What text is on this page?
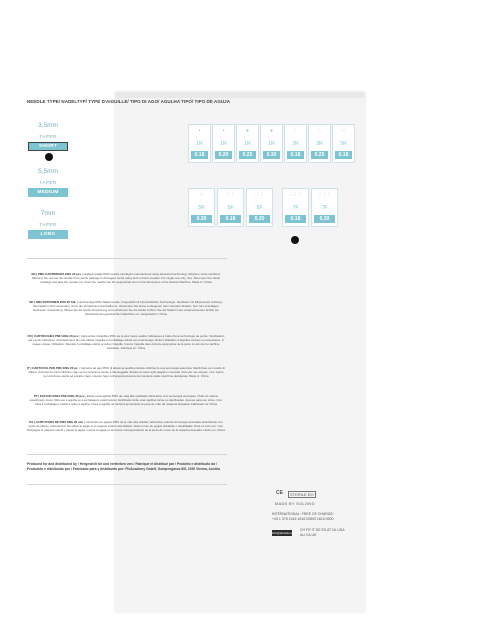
NEEDLE TYPE/ NADELTYP/ TYPE D'AIGUILLE/ TIPO DI AGO/ AGULHA TIPO/ TIPO DE AGUJA
3,5mm
TAPER
SHORT
5,5mm
TAPER
MEDIUM
7mm
TAPER
LONG
•
1R
0.18
•
1R
0.20
●
1R
0.25
●
1R
0.30
⁚
2R
0.18
∴
3R
0.25
⁙
5R
0.18
⁙
5R
0.30
⋮⋮
5F
0.18
⋮⋮
5F
0.30
⋮⋮⋮
7F
0.18
⋮⋮⋮
7F
0.30
EN | PMU CARTRIDGES ENG 20 pcs | Highest-quality PMU needle cartridges manufactured using advanced technology. Ethylene oxide sterilized. Warning: Do not use the needle if the sterile package is damaged. Avoid using bent or blunt needles. For single use only. Use: Peel open the sterile package and take the needle out. Insert the needle into the appropriate slot on the hand-piece of the desired Machine. Made in: China
DE | PMU-PATRONEN ENG 20 Stk. | Hochwertige PMU-Nadelmodule, hergestellt mit fortschrittlicher Technologie. Sterilisiert mit Ethylenoxid. Achtung: Die Nadeln nicht verwenden, wenn die Verpackung beschädigt ist. Verwenden Sie keine verbogenen oder stumpfen Nadeln. Nur zum einmaligen Gebrauch. Anwendung: Öffnen Sie die sterile Verpackung und entnehmen Sie die Nadel. Führen Sie die Nadel in den entsprechenden Schlitz am Handstück der gewünschten Maschine ein. Hergestellt in: China
FR | CARTOUCHES PMU ENG 20 pcs | Cartouches d'aiguilles PMU de la plus haute qualité, fabriquées à l'aide d'une technologie de pointe. Stérilisation par oxyde d'éthylène. Avertissement: Ne pas utiliser l'aiguille si l'emballage stérile est endommagé. Éviter l'utilisation d'aiguilles tordues ou émoussées. À usage unique. Utilisation: Décoller l'emballage stérile et retirer l'aiguille. Insérer l'aiguille dans la fente appropriée de la pièce à main de la machine souhaitée. Fabriqué en: Chine
IT | CARTUCCE PER PMU ENG 20 pz. | Cartucce ad ago PMU di altissima qualità prodotte utilizzando una tecnologia avanzata. Sterilizzate con ossido di etilene. Avvertenza: Non utilizzare l'ago se la confezione sterile è danneggiata. Evitare di usare aghi piegati o smussati. Solo per uso singolo. Uso: Aprire la confezione sterile ed estrarre l'ago. Inserire l'ago nell'apposita fessura del manipolo della macchina desiderata. Made in: China
PT | ESTOJO PARA PMU ENG 20 pcs | Estojo para agulha PMU da mais alta qualidade fabricados com tecnologia avançada. Óxido de etileno esterilizado. Aviso: Não use a agulha se a embalagem estéril estiver danificada. Evite usar agulhas tortas ou danificadas. Apenas para uso único. Uso: Abra a embalagem estéril e retire a agulha. Insira a agulha na ranhura apropriada na peça de mão da máquina desejada. Fabricado na: China
ES | CARTUCHOS DE PMU ENG 20 uds | Cartuchos de agujas PMU de la más alta calidad, fabricados usando tecnología avanzada. Esterilizado con óxido de etileno. Advertencia: No utilice la aguja si el paquete estéril está dañado. Evite el uso de agujas dobladas o desafiladas. Para un solo uso. Uso: Despegue el paquete estéril y saque la aguja. Inserte la aguja en la ranura correspondiente de la pieza de mano de la máquina deseada. Hecho en: China
Produced for and distributed by / Hergestellt für und vertrieben von / Fabriqué et distribué par / Prodotto e distribuito da / Produzido e distribuído por / Fabricado para y distribuido por: PhiAcademy GmbH, Gumpengasse 8/8, 1050 Vienna, Austria
CE	STERILE EO
MADE BY SOLONG
INTERNATIONAL: FREE OF CHARGE:
+43 1 375 1616 1616 00800 1616 0000
info@phiwshop.com
CH FR IT DE ES AT NL USA AU CA UK
